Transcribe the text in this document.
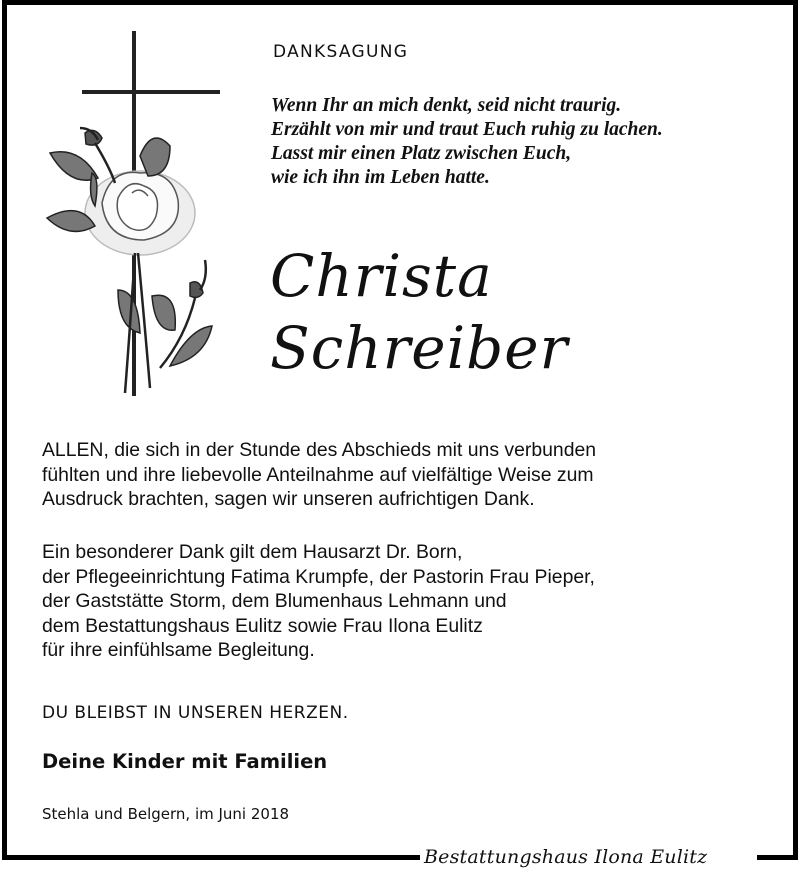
DANKSAGUNG
Wenn Ihr an mich denkt, seid nicht traurig.
Erzählt von mir und traut Euch ruhig zu lachen.
Lasst mir einen Platz zwischen Euch,
wie ich ihn im Leben hatte.
Christa
Schreiber
ALLEN, die sich in der Stunde des Abschieds mit uns verbunden
fühlten und ihre liebevolle Anteilnahme auf vielfältige Weise zum
Ausdruck brachten, sagen wir unseren aufrichtigen Dank.
Ein besonderer Dank gilt dem Hausarzt Dr. Born,
der Pflegeeinrichtung Fatima Krumpfe, der Pastorin Frau Pieper,
der Gaststätte Storm, dem Blumenhaus Lehmann und
dem Bestattungshaus Eulitz sowie Frau Ilona Eulitz
für ihre einfühlsame Begleitung.
DU BLEIBST IN UNSEREN HERZEN.
Deine Kinder mit Familien
Stehla und Belgern, im Juni 2018
Bestattungshaus Ilona Eulitz
